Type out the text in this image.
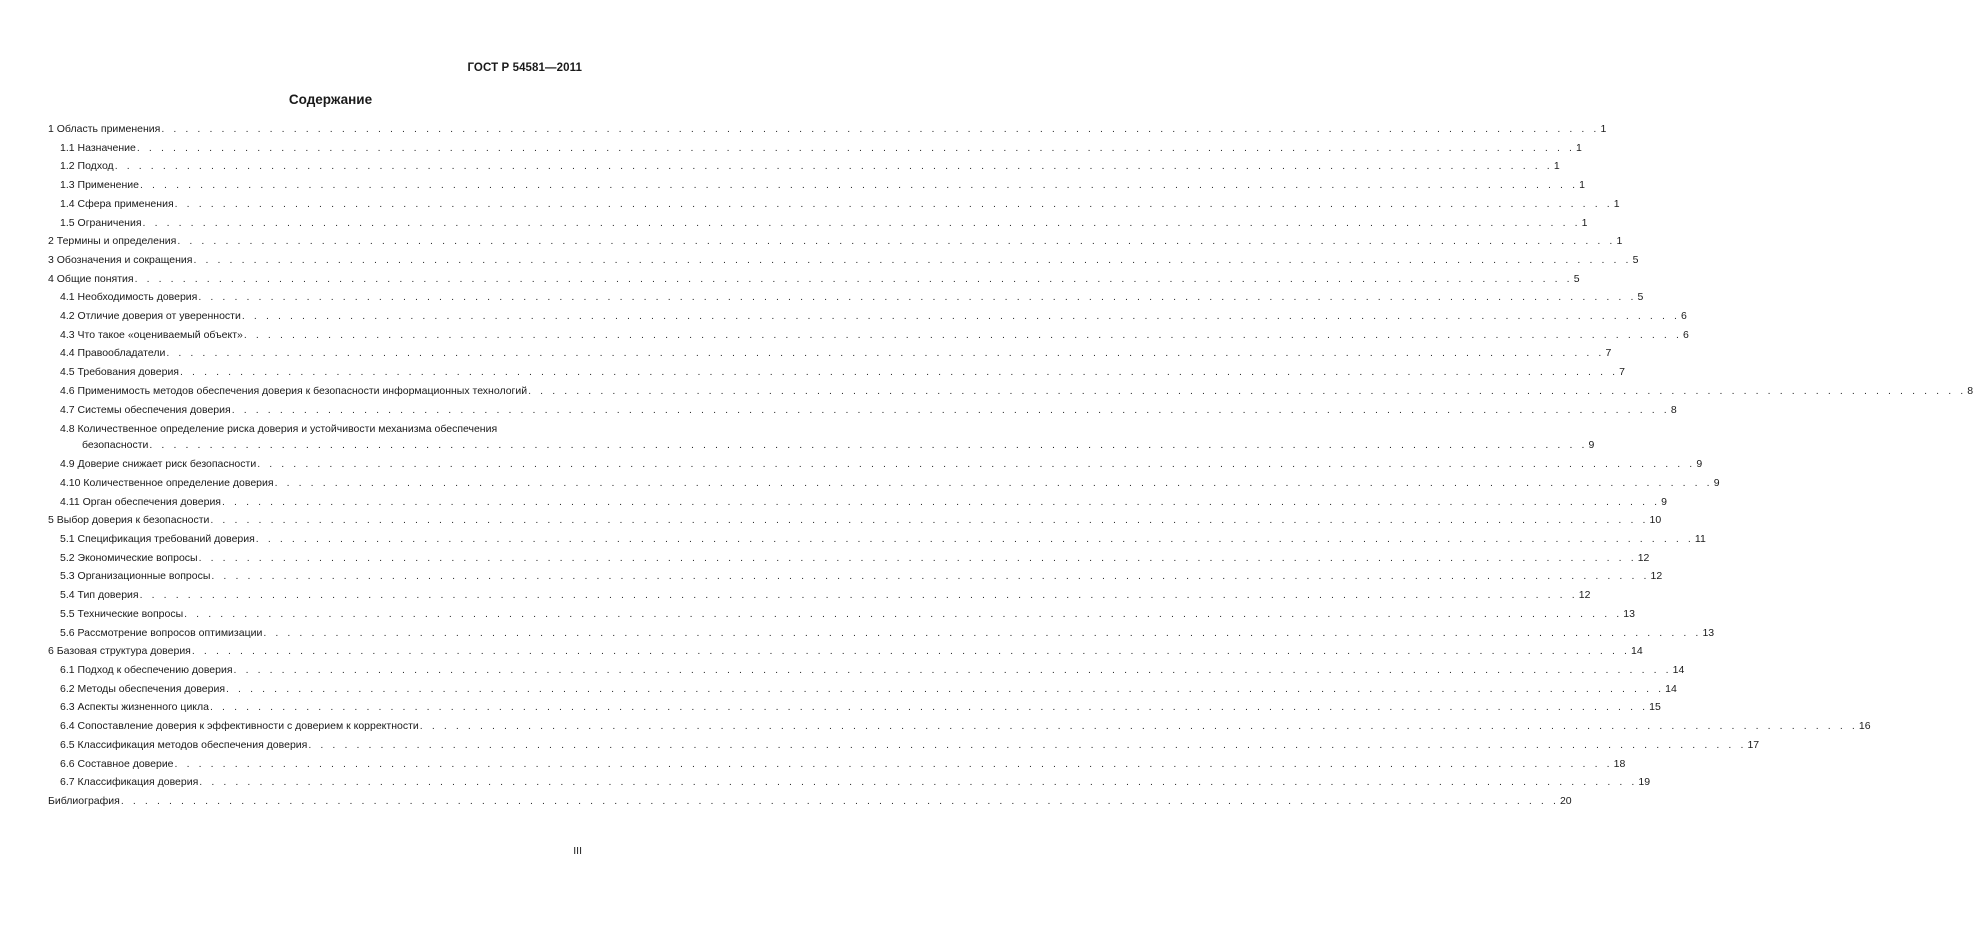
ГОСТ Р 54581—2011
Содержание
1 Область применения . . . . . . . . . . . . . . . . . . . . . . . . . . . . . . . . . . . . . . . . . . . . . . . . . . . . . . . . . . . . . . . . . . . . . . . . . . . . . . . . . . . . . . . . . . . . . . . . . . . . . . . . . . . . . . . . . . . . . . . . 1
1.1 Назначение . . . . . . . . . . . . . . . . . . . . . . . . . . . . . . . . . . . . . . . . . . . . . . . . . . . . . . . . . . . . . . . . . . . . . . . . . . . . . . . . . . . . . . . . . . . . . . . . . . . . . . . . . . . . . . . . . . . . . . . . 1
1.2 Подход . . . . . . . . . . . . . . . . . . . . . . . . . . . . . . . . . . . . . . . . . . . . . . . . . . . . . . . . . . . . . . . . . . . . . . . . . . . . . . . . . . . . . . . . . . . . . . . . . . . . . . . . . . . . . . . . . . . . . . . . 1
1.3 Применение . . . . . . . . . . . . . . . . . . . . . . . . . . . . . . . . . . . . . . . . . . . . . . . . . . . . . . . . . . . . . . . . . . . . . . . . . . . . . . . . . . . . . . . . . . . . . . . . . . . . . . . . . . . . . . . . . . . . . . . . 1
1.4 Сфера применения . . . . . . . . . . . . . . . . . . . . . . . . . . . . . . . . . . . . . . . . . . . . . . . . . . . . . . . . . . . . . . . . . . . . . . . . . . . . . . . . . . . . . . . . . . . . . . . . . . . . . . . . . . . . . . . . . . . . . . . . 1
1.5 Ограничения . . . . . . . . . . . . . . . . . . . . . . . . . . . . . . . . . . . . . . . . . . . . . . . . . . . . . . . . . . . . . . . . . . . . . . . . . . . . . . . . . . . . . . . . . . . . . . . . . . . . . . . . . . . . . . . . . . . . . . . . 1
2 Термины и определения . . . . . . . . . . . . . . . . . . . . . . . . . . . . . . . . . . . . . . . . . . . . . . . . . . . . . . . . . . . . . . . . . . . . . . . . . . . . . . . . . . . . . . . . . . . . . . . . . . . . . . . . . . . . . . . . . . . . . . . . 1
3 Обозначения и сокращения . . . . . . . . . . . . . . . . . . . . . . . . . . . . . . . . . . . . . . . . . . . . . . . . . . . . . . . . . . . . . . . . . . . . . . . . . . . . . . . . . . . . . . . . . . . . . . . . . . . . . . . . . . . . . . . . . . . . . . . . 5
4 Общие понятия . . . . . . . . . . . . . . . . . . . . . . . . . . . . . . . . . . . . . . . . . . . . . . . . . . . . . . . . . . . . . . . . . . . . . . . . . . . . . . . . . . . . . . . . . . . . . . . . . . . . . . . . . . . . . . . . . . . . . . . . 5
4.1 Необходимость доверия . . . . . . . . . . . . . . . . . . . . . . . . . . . . . . . . . . . . . . . . . . . . . . . . . . . . . . . . . . . . . . . . . . . . . . . . . . . . . . . . . . . . . . . . . . . . . . . . . . . . . . . . . . . . . . . . . . . . . . . . 5
4.2 Отличие доверия от уверенности . . . . . . . . . . . . . . . . . . . . . . . . . . . . . . . . . . . . . . . . . . . . . . . . . . . . . . . . . . . . . . . . . . . . . . . . . . . . . . . . . . . . . . . . . . . . . . . . . . . . . . . . . . . . . . . . . . . . . . . . 6
4.3 Что такое «оцениваемый объект» . . . . . . . . . . . . . . . . . . . . . . . . . . . . . . . . . . . . . . . . . . . . . . . . . . . . . . . . . . . . . . . . . . . . . . . . . . . . . . . . . . . . . . . . . . . . . . . . . . . . . . . . . . . . . . . . . . . . . . . . 6
4.4 Правообладатели . . . . . . . . . . . . . . . . . . . . . . . . . . . . . . . . . . . . . . . . . . . . . . . . . . . . . . . . . . . . . . . . . . . . . . . . . . . . . . . . . . . . . . . . . . . . . . . . . . . . . . . . . . . . . . . . . . . . . . . . 7
4.5 Требования доверия . . . . . . . . . . . . . . . . . . . . . . . . . . . . . . . . . . . . . . . . . . . . . . . . . . . . . . . . . . . . . . . . . . . . . . . . . . . . . . . . . . . . . . . . . . . . . . . . . . . . . . . . . . . . . . . . . . . . . . . . 7
4.6 Применимость методов обеспечения доверия к безопасности информационных технологий . . . . . . . . . . . . . . . . . . . . . . . . . . . . . . . . . . . . . . . . . . . . . . . . . . . . . . . . . . . . . . . . . . . . . . . . . . . . . . . . . . . . . . . . . . . . . . . . . . . . . . . . . . . . . . . . . . . . . . . . 8
4.7 Системы обеспечения доверия . . . . . . . . . . . . . . . . . . . . . . . . . . . . . . . . . . . . . . . . . . . . . . . . . . . . . . . . . . . . . . . . . . . . . . . . . . . . . . . . . . . . . . . . . . . . . . . . . . . . . . . . . . . . . . . . . . . . . . . . 8
4.8 Количественное определение риска доверия и устойчивости механизма обеспечения
безопасности . . . . . . . . . . . . . . . . . . . . . . . . . . . . . . . . . . . . . . . . . . . . . . . . . . . . . . . . . . . . . . . . . . . . . . . . . . . . . . . . . . . . . . . . . . . . . . . . . . . . . . . . . . . . . . . . . . . . . . . . 9
4.9 Доверие снижает риск безопасности . . . . . . . . . . . . . . . . . . . . . . . . . . . . . . . . . . . . . . . . . . . . . . . . . . . . . . . . . . . . . . . . . . . . . . . . . . . . . . . . . . . . . . . . . . . . . . . . . . . . . . . . . . . . . . . . . . . . . . . . 9
4.10 Количественное определение доверия . . . . . . . . . . . . . . . . . . . . . . . . . . . . . . . . . . . . . . . . . . . . . . . . . . . . . . . . . . . . . . . . . . . . . . . . . . . . . . . . . . . . . . . . . . . . . . . . . . . . . . . . . . . . . . . . . . . . . . . . 9
4.11 Орган обеспечения доверия . . . . . . . . . . . . . . . . . . . . . . . . . . . . . . . . . . . . . . . . . . . . . . . . . . . . . . . . . . . . . . . . . . . . . . . . . . . . . . . . . . . . . . . . . . . . . . . . . . . . . . . . . . . . . . . . . . . . . . . . 9
5 Выбор доверия к безопасности . . . . . . . . . . . . . . . . . . . . . . . . . . . . . . . . . . . . . . . . . . . . . . . . . . . . . . . . . . . . . . . . . . . . . . . . . . . . . . . . . . . . . . . . . . . . . . . . . . . . . . . . . . . . . . . . . . . . . . . . 10
5.1 Спецификация требований доверия . . . . . . . . . . . . . . . . . . . . . . . . . . . . . . . . . . . . . . . . . . . . . . . . . . . . . . . . . . . . . . . . . . . . . . . . . . . . . . . . . . . . . . . . . . . . . . . . . . . . . . . . . . . . . . . . . . . . . . . . 11
5.2 Экономические вопросы . . . . . . . . . . . . . . . . . . . . . . . . . . . . . . . . . . . . . . . . . . . . . . . . . . . . . . . . . . . . . . . . . . . . . . . . . . . . . . . . . . . . . . . . . . . . . . . . . . . . . . . . . . . . . . . . . . . . . . . . 12
5.3 Организационные вопросы . . . . . . . . . . . . . . . . . . . . . . . . . . . . . . . . . . . . . . . . . . . . . . . . . . . . . . . . . . . . . . . . . . . . . . . . . . . . . . . . . . . . . . . . . . . . . . . . . . . . . . . . . . . . . . . . . . . . . . . . 12
5.4 Тип доверия . . . . . . . . . . . . . . . . . . . . . . . . . . . . . . . . . . . . . . . . . . . . . . . . . . . . . . . . . . . . . . . . . . . . . . . . . . . . . . . . . . . . . . . . . . . . . . . . . . . . . . . . . . . . . . . . . . . . . . . . 12
5.5 Технические вопросы . . . . . . . . . . . . . . . . . . . . . . . . . . . . . . . . . . . . . . . . . . . . . . . . . . . . . . . . . . . . . . . . . . . . . . . . . . . . . . . . . . . . . . . . . . . . . . . . . . . . . . . . . . . . . . . . . . . . . . . . 13
5.6 Рассмотрение вопросов оптимизации . . . . . . . . . . . . . . . . . . . . . . . . . . . . . . . . . . . . . . . . . . . . . . . . . . . . . . . . . . . . . . . . . . . . . . . . . . . . . . . . . . . . . . . . . . . . . . . . . . . . . . . . . . . . . . . . . . . . . . . . 13
6 Базовая структура доверия . . . . . . . . . . . . . . . . . . . . . . . . . . . . . . . . . . . . . . . . . . . . . . . . . . . . . . . . . . . . . . . . . . . . . . . . . . . . . . . . . . . . . . . . . . . . . . . . . . . . . . . . . . . . . . . . . . . . . . . . 14
6.1 Подход к обеспечению доверия . . . . . . . . . . . . . . . . . . . . . . . . . . . . . . . . . . . . . . . . . . . . . . . . . . . . . . . . . . . . . . . . . . . . . . . . . . . . . . . . . . . . . . . . . . . . . . . . . . . . . . . . . . . . . . . . . . . . . . . . 14
6.2 Методы обеспечения доверия . . . . . . . . . . . . . . . . . . . . . . . . . . . . . . . . . . . . . . . . . . . . . . . . . . . . . . . . . . . . . . . . . . . . . . . . . . . . . . . . . . . . . . . . . . . . . . . . . . . . . . . . . . . . . . . . . . . . . . . . 14
6.3 Аспекты жизненного цикла . . . . . . . . . . . . . . . . . . . . . . . . . . . . . . . . . . . . . . . . . . . . . . . . . . . . . . . . . . . . . . . . . . . . . . . . . . . . . . . . . . . . . . . . . . . . . . . . . . . . . . . . . . . . . . . . . . . . . . . . 15
6.4 Сопоставление доверия к эффективности с доверием к корректности . . . . . . . . . . . . . . . . . . . . . . . . . . . . . . . . . . . . . . . . . . . . . . . . . . . . . . . . . . . . . . . . . . . . . . . . . . . . . . . . . . . . . . . . . . . . . . . . . . . . . . . . . . . . . . . . . . . . . . . . 16
6.5 Классификация методов обеспечения доверия . . . . . . . . . . . . . . . . . . . . . . . . . . . . . . . . . . . . . . . . . . . . . . . . . . . . . . . . . . . . . . . . . . . . . . . . . . . . . . . . . . . . . . . . . . . . . . . . . . . . . . . . . . . . . . . . . . . . . . . . 17
6.6 Составное доверие . . . . . . . . . . . . . . . . . . . . . . . . . . . . . . . . . . . . . . . . . . . . . . . . . . . . . . . . . . . . . . . . . . . . . . . . . . . . . . . . . . . . . . . . . . . . . . . . . . . . . . . . . . . . . . . . . . . . . . . . 18
6.7 Классификация доверия . . . . . . . . . . . . . . . . . . . . . . . . . . . . . . . . . . . . . . . . . . . . . . . . . . . . . . . . . . . . . . . . . . . . . . . . . . . . . . . . . . . . . . . . . . . . . . . . . . . . . . . . . . . . . . . . . . . . . . . . 19
Библиография . . . . . . . . . . . . . . . . . . . . . . . . . . . . . . . . . . . . . . . . . . . . . . . . . . . . . . . . . . . . . . . . . . . . . . . . . . . . . . . . . . . . . . . . . . . . . . . . . . . . . . . . . . . . . . . . . . . . . . . . 20
III
